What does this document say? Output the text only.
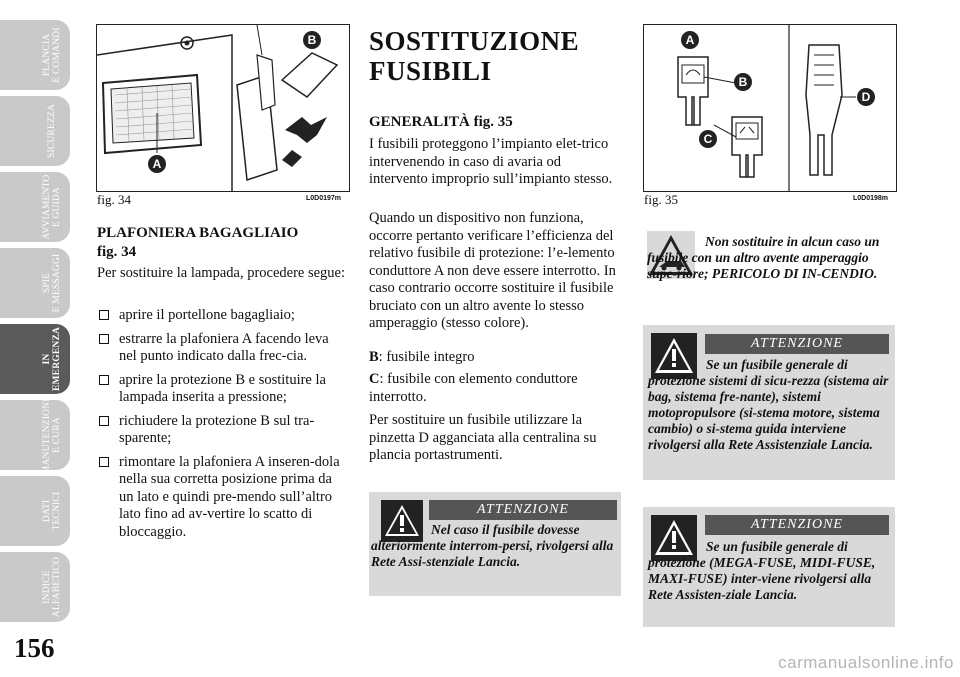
PLANCIA
E COMANDI
SICUREZZA
AVVIAMENTO
E GUIDA
SPIE
E MESSAGGI
IN
EMERGENZA
MANUTENZIONE
E CURA
DATI
TECNICI
INDICE
ALFABETICO
156
B
A
fig. 34	L0D0197m
PLAFONIERA BAGAGLIAIO
fig. 34
Per sostituire la lampada, procedere segue:
aprire il portellone bagagliaio;
estrarre la plafoniera A facendo leva nel punto indicato dalla frec-cia.
aprire la protezione B e sostituire la lampada inserita a pressione;
richiudere la protezione B sul tra-sparente;
rimontare la plafoniera A inseren-dola nella sua corretta posizione prima da un lato e quindi pre-mendo sull’altro lato fino ad av-vertire lo scatto di bloccaggio.
SOSTITUZIONE
FUSIBILI
GENERALITÀ fig. 35
I fusibili proteggono l’impianto elet-trico intervenendo in caso di avaria od intervento improprio sull’impianto stesso.
Quando un dispositivo non funziona, occorre pertanto verificare l’efficienza del relativo fusibile di protezione: l’e-lemento conduttore A non deve essere interrotto. In caso contrario occorre sostituire il fusibile bruciato con un altro avente lo stesso amperaggio (stesso colore).
B: fusibile integro
C: fusibile con elemento conduttore interrotto.
Per sostituire un fusibile utilizzare la pinzetta D agganciata alla centralina su plancia portastrumenti.
ATTENZIONE
Nel caso il fusibile dovesse alteriormente interrom-persi, rivolgersi alla Rete Assi-stenziale Lancia.
A
B
C
D
fig. 35	L0D0198m
Non sostituire in alcun caso un fusibile con un altro avente amperaggio supe-riore; PERICOLO DI IN-CENDIO.
ATTENZIONE
Se un fusibile generale di protezione sistemi di sicu-rezza (sistema air bag, sistema fre-nante), sistemi motopropulsore (si-stema motore, sistema cambio) o si-stema guida interviene rivolgersi alla Rete Assistenziale Lancia.
ATTENZIONE
Se un fusibile generale di protezione (MEGA-FUSE, MIDI-FUSE, MAXI-FUSE) inter-viene rivolgersi alla Rete Assisten-ziale Lancia.
carmanualsonline.info
